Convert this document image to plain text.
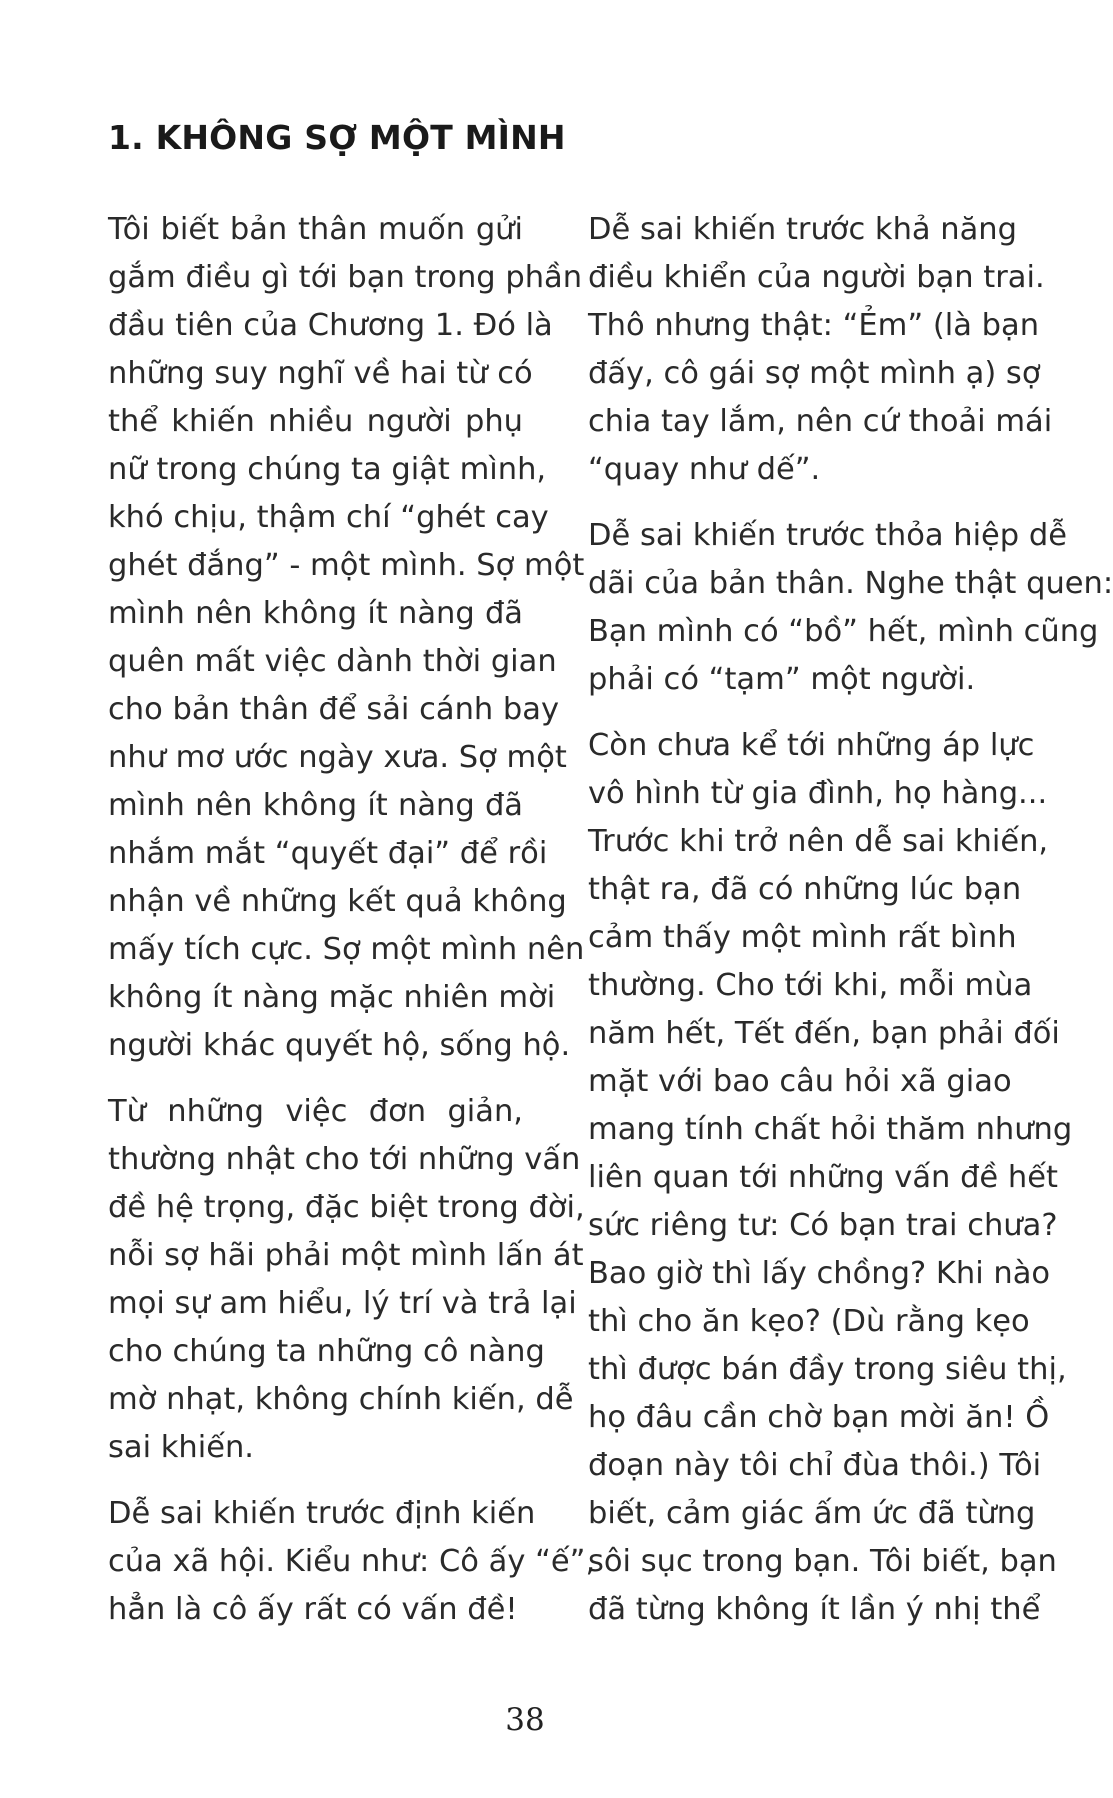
1. KHÔNG SỢ MỘT MÌNH

Tôi biết bản thân muốn gửi
gắm điều gì tới bạn trong phần
đầu tiên của Chương 1. Đó là
những suy nghĩ về hai từ có
thể khiến nhiều người phụ
nữ trong chúng ta giật mình,
khó chịu, thậm chí “ghét cay
ghét đắng” - một mình. Sợ một
mình nên không ít nàng đã
quên mất việc dành thời gian
cho bản thân để sải cánh bay
như mơ ước ngày xưa. Sợ một
mình nên không ít nàng đã
nhắm mắt “quyết đại” để rồi
nhận về những kết quả không
mấy tích cực. Sợ một mình nên
không ít nàng mặc nhiên mời
người khác quyết hộ, sống hộ.

Từ những việc đơn giản,
thường nhật cho tới những vấn
đề hệ trọng, đặc biệt trong đời,
nỗi sợ hãi phải một mình lấn át
mọi sự am hiểu, lý trí và trả lại
cho chúng ta những cô nàng
mờ nhạt, không chính kiến, dễ
sai khiến.

Dễ sai khiến trước định kiến
của xã hội. Kiểu như: Cô ấy “ế”,
hẳn là cô ấy rất có vấn đề!

Dễ sai khiến trước khả năng
điều khiển của người bạn trai.
Thô nhưng thật: “Ẻm” (là bạn
đấy, cô gái sợ một mình ạ) sợ
chia tay lắm, nên cứ thoải mái
“quay như dế”.

Dễ sai khiến trước thỏa hiệp dễ
dãi của bản thân. Nghe thật quen:
Bạn mình có “bồ” hết, mình cũng
phải có “tạm” một người.

Còn chưa kể tới những áp lực
vô hình từ gia đình, họ hàng...
Trước khi trở nên dễ sai khiến,
thật ra, đã có những lúc bạn
cảm thấy một mình rất bình
thường. Cho tới khi, mỗi mùa
năm hết, Tết đến, bạn phải đối
mặt với bao câu hỏi xã giao
mang tính chất hỏi thăm nhưng
liên quan tới những vấn đề hết
sức riêng tư: Có bạn trai chưa?
Bao giờ thì lấy chồng? Khi nào
thì cho ăn kẹo? (Dù rằng kẹo
thì được bán đầy trong siêu thị,
họ đâu cần chờ bạn mời ăn! Ồ
đoạn này tôi chỉ đùa thôi.) Tôi
biết, cảm giác ấm ức đã từng
sôi sục trong bạn. Tôi biết, bạn
đã từng không ít lần ý nhị thể

38
